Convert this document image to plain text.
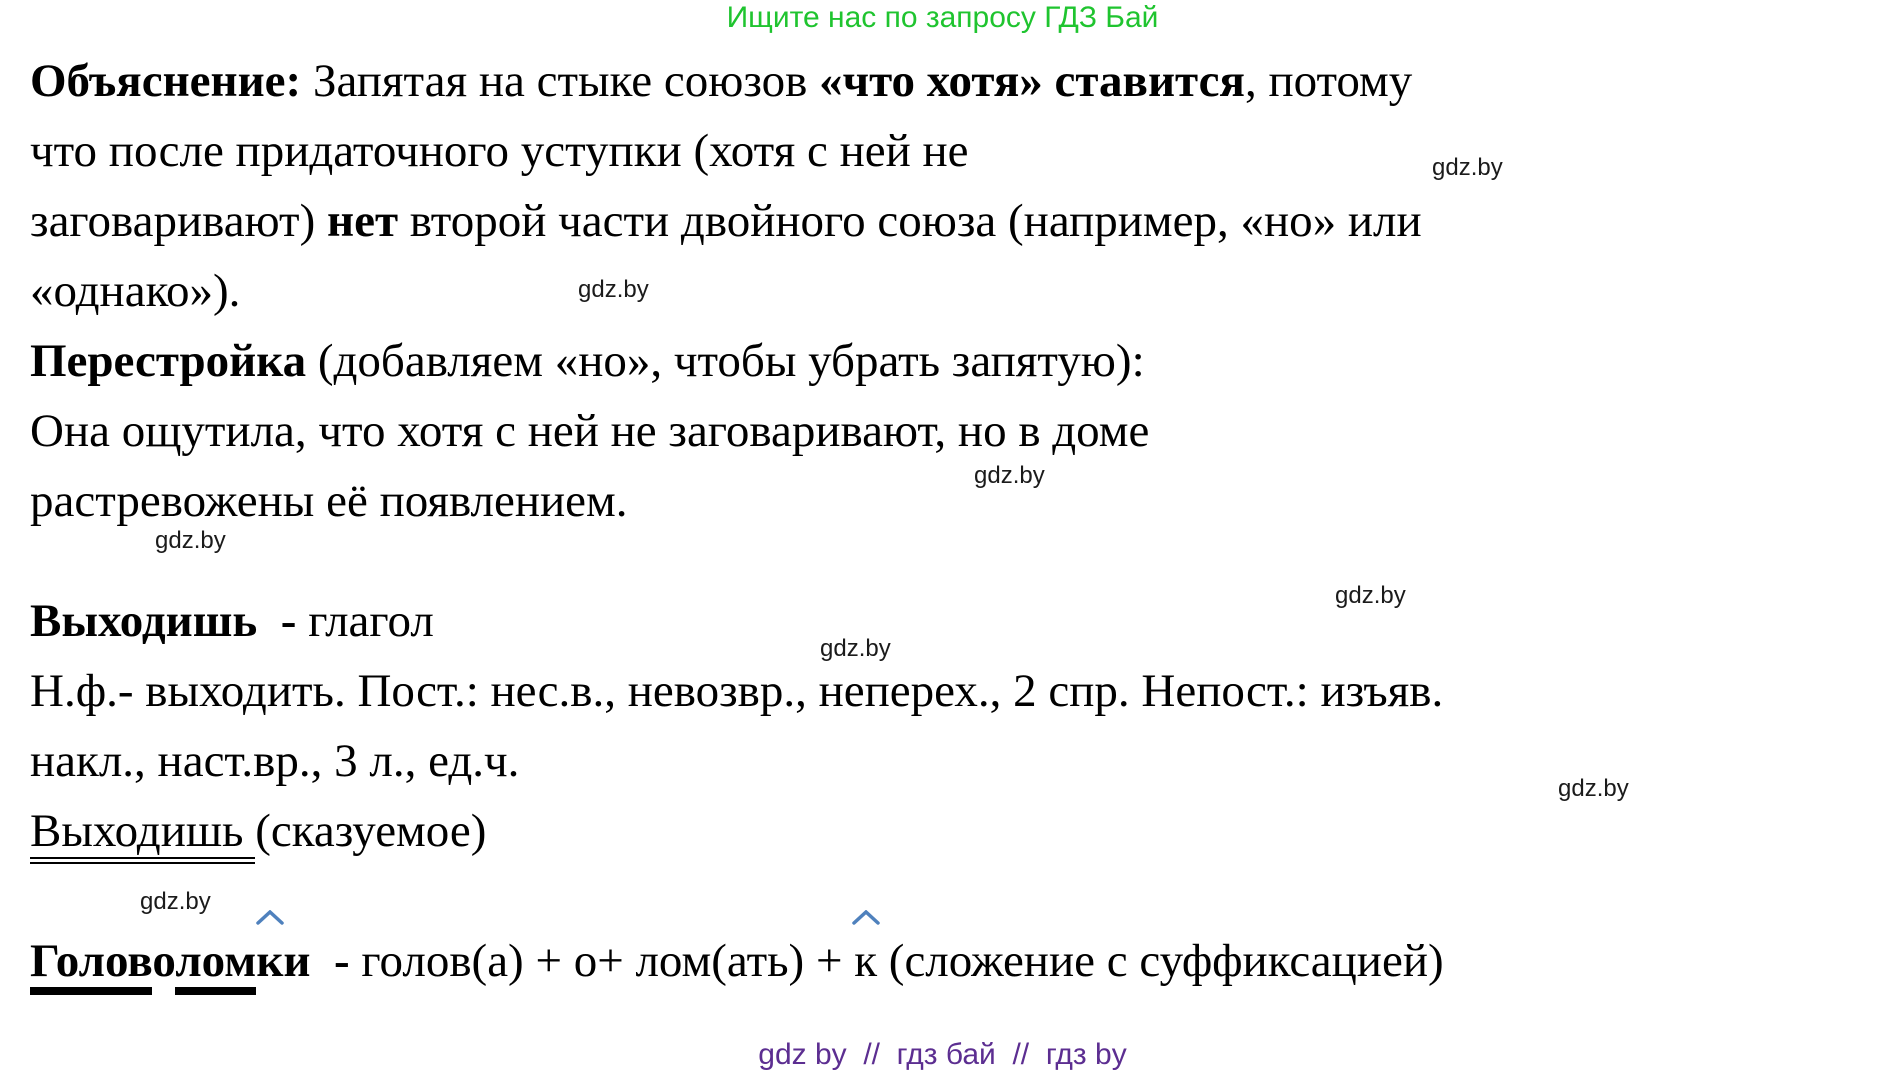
Ищите нас по запросу ГДЗ Бай
Объяснение: Запятая на стыке союзов «что хотя» ставится, потому
что после придаточного уступки (хотя с ней не
заговаривают) нет второй части двойного союза (например, «но» или
«однако»).
Перестройка (добавляем «но», чтобы убрать запятую):
Она ощутила, что хотя с ней не заговаривают, но в доме
растревожены её появлением.
Выходишь  - глагол
Н.ф.- выходить. Пост.: нес.в., невозвр., неперех., 2 спр. Непост.: изъяв.
накл., наст.вр., 3 л., ед.ч.
Выходишь (сказуемое)
Головолом
ки  - голов(а) + о+ лом(ать) +
к (сложение с суффиксацией)
gdz.by
gdz.by
gdz.by
gdz.by
gdz.by
gdz.by
gdz.by
gdz.by
gdz by  //  гдз бай  //  гдз by
